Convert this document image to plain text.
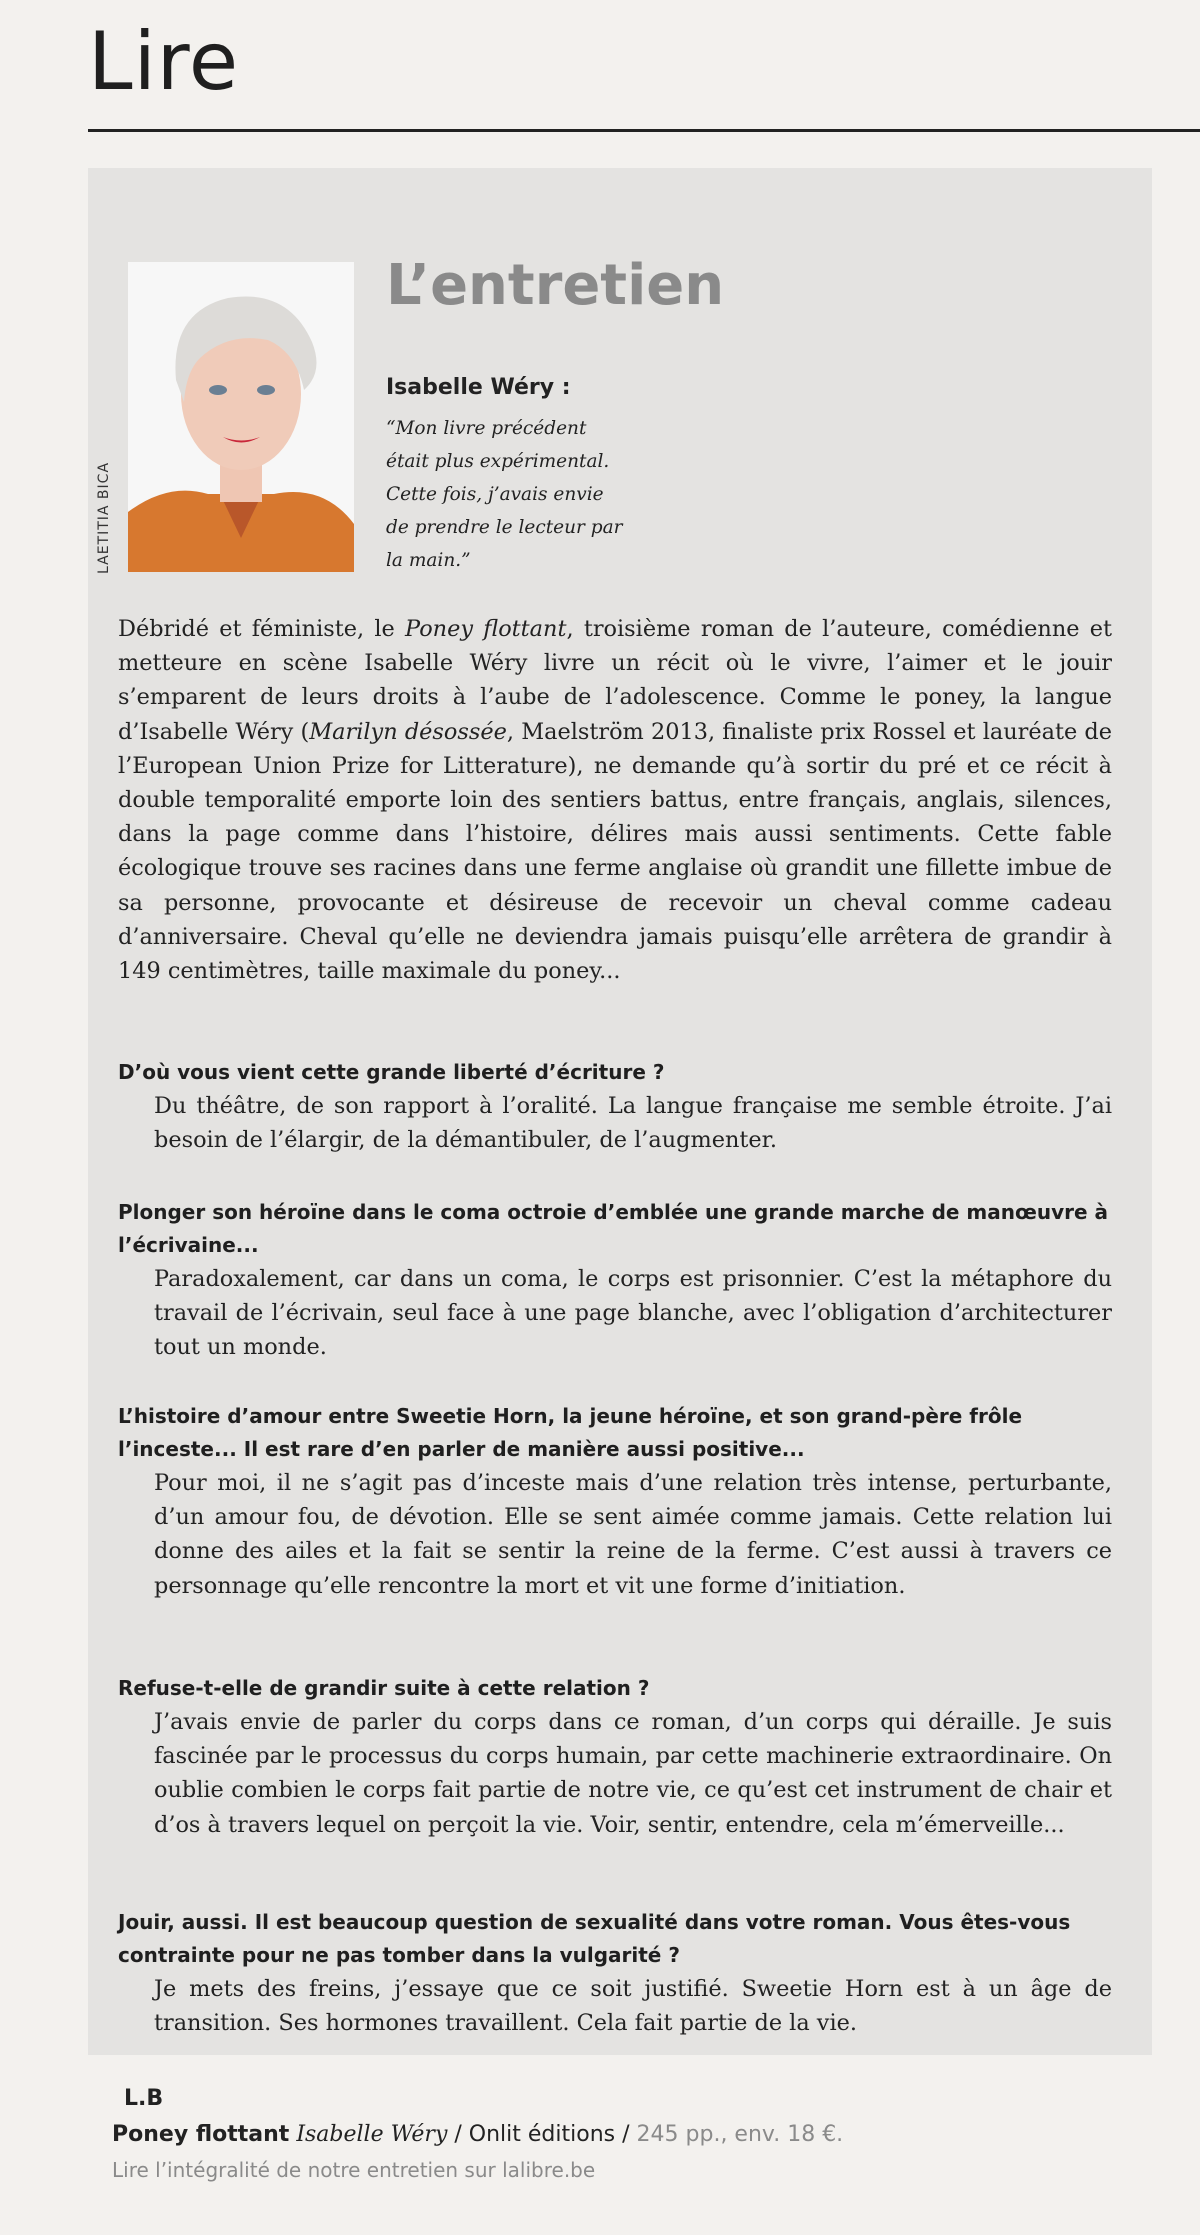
Lire
LAETITIA BICA
L’entretien
Isabelle Wéry :
“Mon livre précédent
était plus expérimental.
Cette fois, j’avais envie
de prendre le lecteur par
la main.”
Débridé et féministe, le Poney flottant, troisième roman de l’auteure, comédienne et metteure en scène Isabelle Wéry livre un récit où le vivre, l’aimer et le jouir s’emparent de leurs droits à l’aube de l’adolescence. Comme le poney, la langue d’Isabelle Wéry (Marilyn désossée, Maelström 2013, finaliste prix Rossel et lauréate de l’European Union Prize for Litterature), ne demande qu’à sortir du pré et ce récit à double temporalité emporte loin des sentiers battus, entre français, anglais, silences, dans la page comme dans l’histoire, délires mais aussi sentiments. Cette fable écologique trouve ses racines dans une ferme anglaise où grandit une fillette imbue de sa personne, provocante et désireuse de recevoir un cheval comme cadeau d’anniversaire. Cheval qu’elle ne deviendra jamais puisqu’elle arrêtera de grandir à 149 centimètres, taille maximale du poney...
D’où vous vient cette grande liberté d’écriture ?
Du théâtre, de son rapport à l’oralité. La langue française me semble étroite. J’ai besoin de l’élargir, de la démantibuler, de l’augmenter.
Plonger son héroïne dans le coma octroie d’emblée une grande marche de manœuvre à l’écrivaine...
Paradoxalement, car dans un coma, le corps est prisonnier. C’est la métaphore du travail de l’écrivain, seul face à une page blanche, avec l’obligation d’architecturer tout un monde.
L’histoire d’amour entre Sweetie Horn, la jeune héroïne, et son grand-père frôle l’inceste... Il est rare d’en parler de manière aussi positive...
Pour moi, il ne s’agit pas d’inceste mais d’une relation très intense, perturbante, d’un amour fou, de dévotion. Elle se sent aimée comme jamais. Cette relation lui donne des ailes et la fait se sentir la reine de la ferme. C’est aussi à travers ce personnage qu’elle rencontre la mort et vit une forme d’initiation.
Refuse-t-elle de grandir suite à cette relation ?
J’avais envie de parler du corps dans ce roman, d’un corps qui déraille. Je suis fascinée par le processus du corps humain, par cette machinerie extraordinaire. On oublie combien le corps fait partie de notre vie, ce qu’est cet instrument de chair et d’os à travers lequel on perçoit la vie. Voir, sentir, entendre, cela m’émerveille...
Jouir, aussi. Il est beaucoup question de sexualité dans votre roman. Vous êtes-vous contrainte pour ne pas tomber dans la vulgarité ?
Je mets des freins, j’essaye que ce soit justifié. Sweetie Horn est à un âge de transition. Ses hormones travaillent. Cela fait partie de la vie.
L.B
Poney flottant Isabelle Wéry / Onlit éditions / 245 pp., env. 18 €.
Lire l’intégralité de notre entretien sur lalibre.be
